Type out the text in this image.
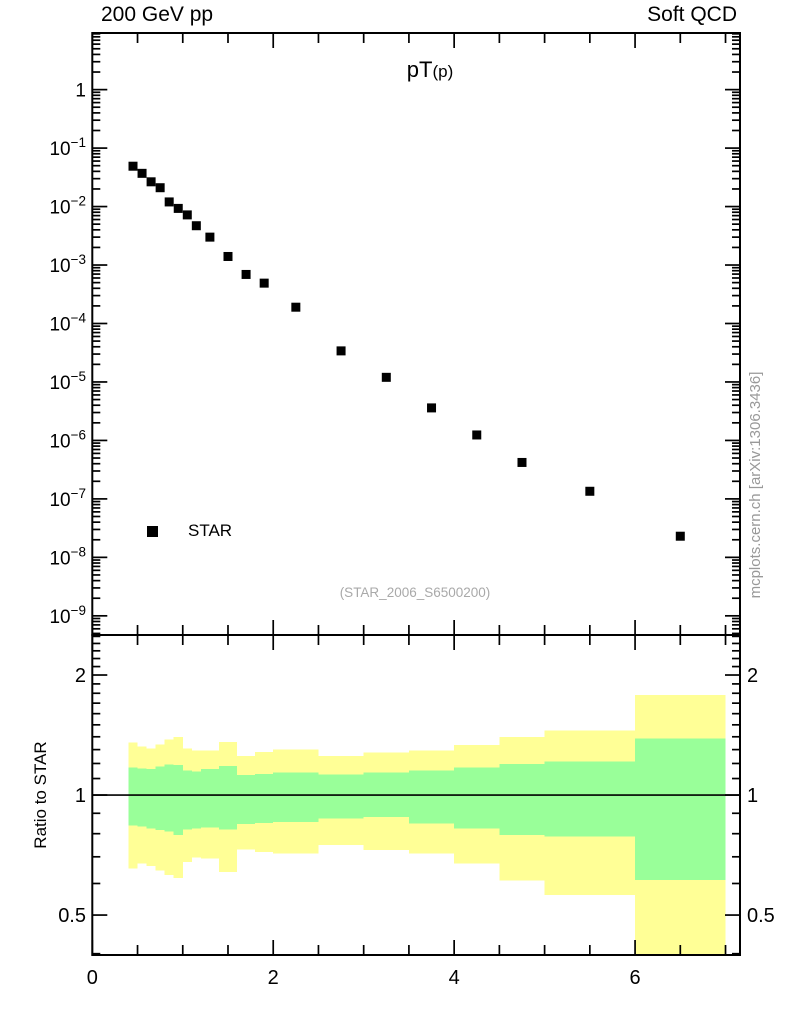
0	2	4	6
1
$10^{-1}$
$10^{-2}$
$10^{-3}$
$10^{-4}$
$10^{-5}$
$10^{-6}$
$10^{-7}$
$10^{-8}$
$10^{-9}$
0.5	0.5
1	1
2	2
200 GeV pp	Soft QCD
pT(p)
STAR
(STAR_2006_S6500200)
Ratio to STAR
mcplots.cern.ch [arXiv:1306.3436]
